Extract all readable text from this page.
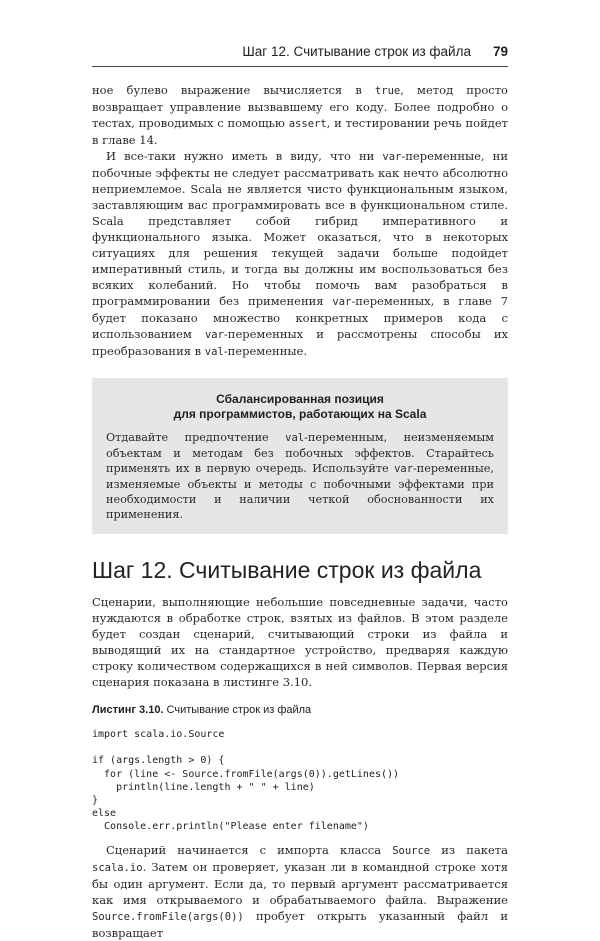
Шаг 12. Считывание строк из файла 79

ное булево выражение вычисляется в true, метод просто возвращает управление вызвавшему его коду. Более подробно о тестах, проводимых с помощью assert, и тестировании речь пойдет в главе 14.

И все-таки нужно иметь в виду, что ни var-переменные, ни побочные эффекты не следует рассматривать как нечто абсолютно неприемлемое. Scala не является чисто функциональным языком, заставляющим вас программировать все в функциональном стиле. Scala представляет собой гибрид императивного и функционального языка. Может оказаться, что в некоторых ситуациях для решения текущей задачи больше подойдет императивный стиль, и тогда вы должны им воспользоваться без всяких колебаний. Но чтобы помочь вам разобраться в программировании без применения var-переменных, в главе 7 будет показано множество конкретных примеров кода с использованием var-переменных и рассмотрены способы их преобразования в val-переменные.

Сбалансированная позиция
для программистов, работающих на Scala

Отдавайте предпочтение val-переменным, неизменяемым объектам и методам без побочных эффектов. Старайтесь применять их в первую очередь. Используйте var-переменные, изменяемые объекты и методы с побочными эффектами при необходимости и наличии четкой обоснованности их применения.

Шаг 12. Считывание строк из файла

Сценарии, выполняющие небольшие повседневные задачи, часто нуждаются в обработке строк, взятых из файлов. В этом разделе будет создан сценарий, считывающий строки из файла и выводящий их на стандартное устройство, предваряя каждую строку количеством содержащихся в ней символов. Первая версия сценария показана в листинге 3.10.

Листинг 3.10. Считывание строк из файла
import scala.io.Source

if (args.length > 0) {
for (line <- Source.fromFile(args(0)).getLines())
println(line.length + " " + line)
}
else
Console.err.println("Please enter filename")

Сценарий начинается с импорта класса Source из пакета scala.io. Затем он проверяет, указан ли в командной строке хотя бы один аргумент. Если да, то первый аргумент рассматривается как имя открываемого и обрабатываемого файла. Выражение Source.fromFile(args(0)) пробует открыть указанный файл и возвращает
